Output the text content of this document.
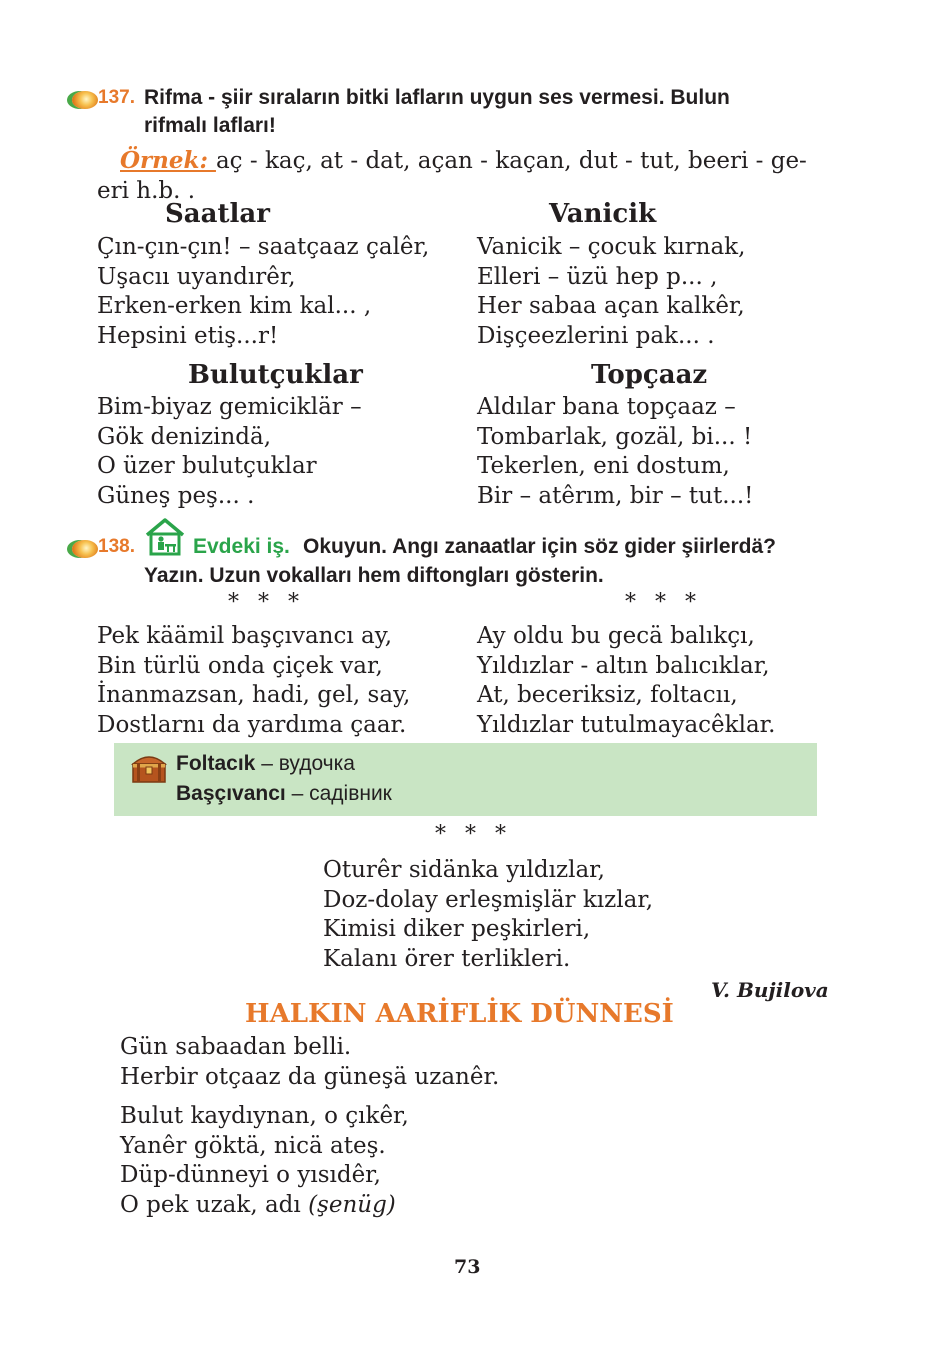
137. Rifma - şiir sıraların bitki lafların uygun ses vermesi. Bulun
rifmalı lafları!
Örnek: aç - kaç, at - dat, açan - kaçan, dut - tut, beeri - ge-
eri h.b. .
Saatlar
Çın-çın-çın! – saatçaaz çalêr,
Uşacıı uyandırêr,
Erken-erken kim kal... ,
Hepsini etiş...r!
Vanicik
Vanicik – çocuk kırnak,
Elleri – üzü hep p... ,
Her sabaa açan kalkêr,
Dişçeezlerini pak... .
Bulutçuklar
Bim-biyaz gemiciklär –
Gök denizindä,
O üzer bulutçuklar
Güneş peş... .
Topçaaz
Aldılar bana topçaaz –
Tombarlak, gozäl, bi... !
Tekerlen, eni dostum,
Bir – atêrım, bir – tut...!
138.	Evdeki iş. Okuyun. Angı zanaatlar için söz gider şiirlerdä?
Yazın. Uzun vokalları hem diftongları gösterin.
* * *	* * *
Pek käämil başçıvancı ay,
Bin türlü onda çiçek var,
İnanmazsan, hadi, gel, say,
Dostlarnı da yardıma çaar.
Ay oldu bu gecä balıkçı,
Yıldızlar - altın balıcıklar,
At, beceriksiz, foltacıı,
Yıldızlar tutulmayacêklar.
Foltacık – вудочка
Başçıvancı – садівник
* * *
Oturêr sidänka yıldızlar,
Doz-dolay erleşmişlär kızlar,
Kimisi diker peşkirleri,
Kalanı örer terlikleri.
V. Bujilova
HALKIN AARİFLİK DÜNNESİ
Gün sabaadan belli.
Herbir otçaaz da güneşä uzanêr.
Bulut kaydıynan, o çıkêr,
Yanêr göktä, nicä ateş.
Düp-dünneyi o yısıdêr,
O pek uzak, adı (şenüg)
73
